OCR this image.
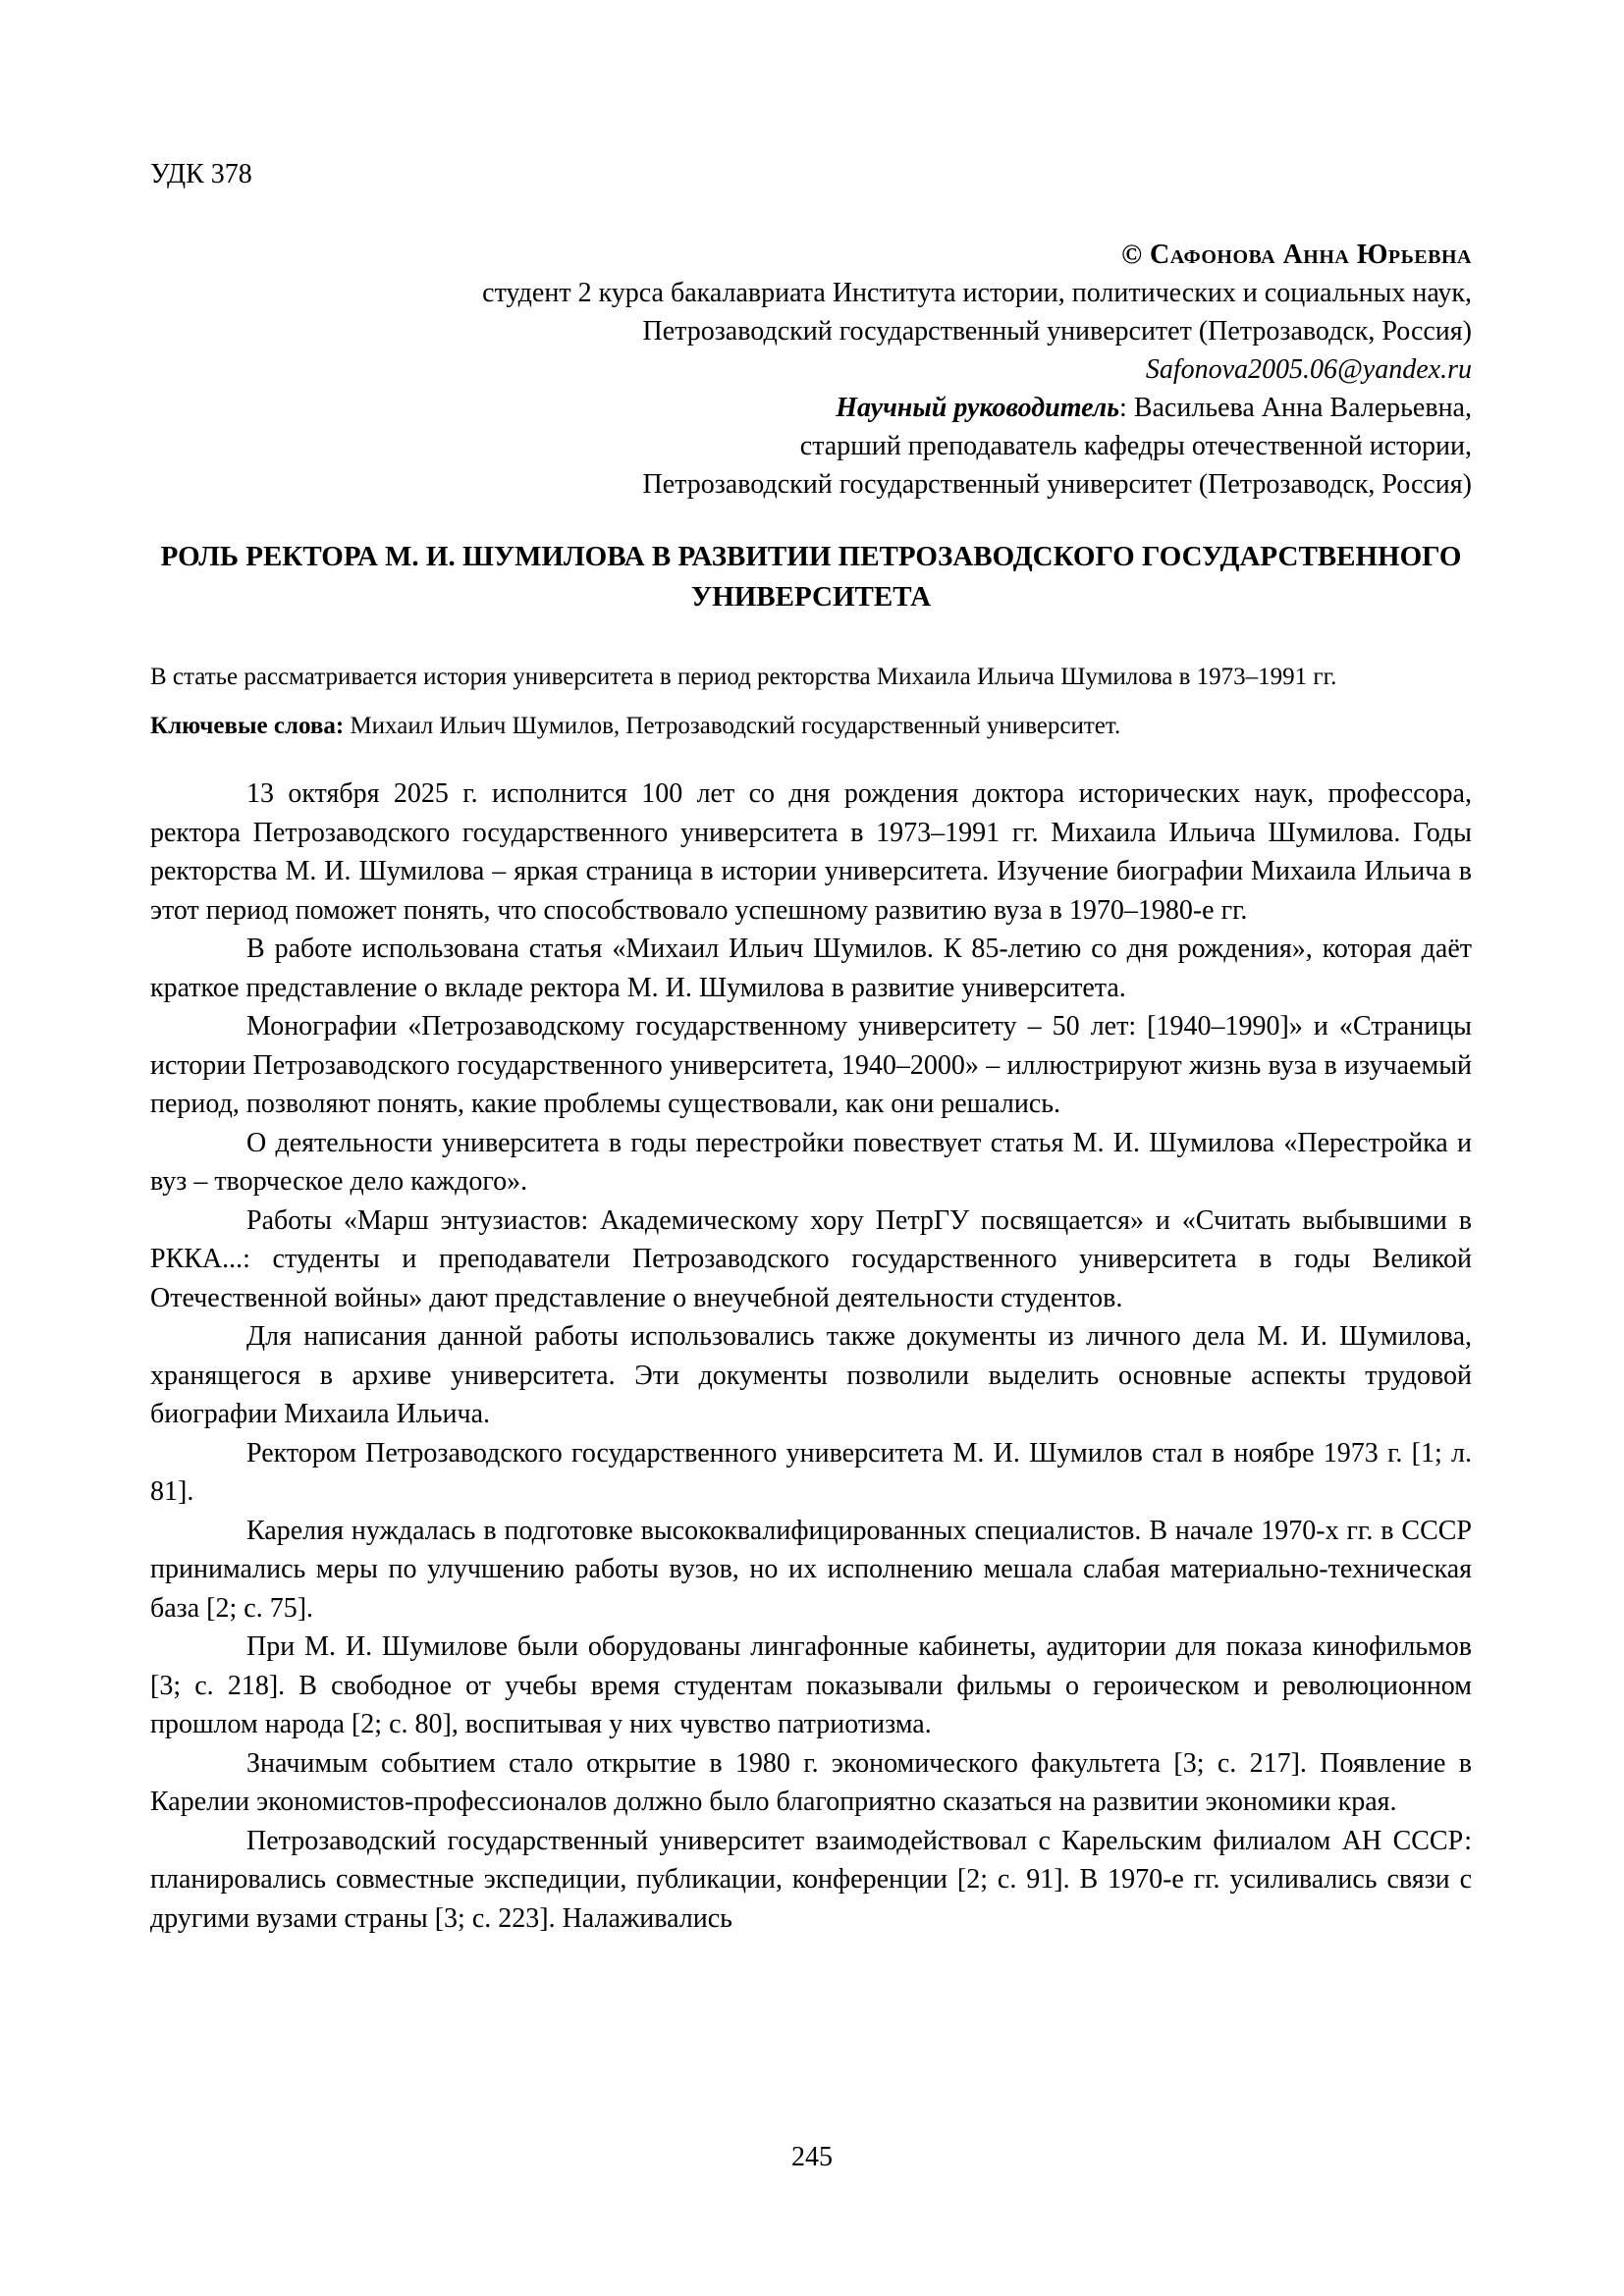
УДК 378
© Сафонова Анна Юрьевна
студент 2 курса бакалавриата Института истории, политических и социальных наук,
Петрозаводский государственный университет (Петрозаводск, Россия)
Safonova2005.06@yandex.ru
Научный руководитель: Васильева Анна Валерьевна,
старший преподаватель кафедры отечественной истории,
Петрозаводский государственный университет (Петрозаводск, Россия)
РОЛЬ РЕКТОРА М. И. ШУМИЛОВА В РАЗВИТИИ ПЕТРОЗАВОДСКОГО ГОСУДАРСТВЕННОГО УНИВЕРСИТЕТА
В статье рассматривается история университета в период ректорства Михаила Ильича Шумилова в 1973–1991 гг.
Ключевые слова: Михаил Ильич Шумилов, Петрозаводский государственный университет.

13 октября 2025 г. исполнится 100 лет со дня рождения доктора исторических наук, профессора, ректора Петрозаводского государственного университета в 1973–1991 гг. Михаила Ильича Шумилова. Годы ректорства М. И. Шумилова – яркая страница в истории университета. Изучение биографии Михаила Ильича в этот период поможет понять, что способствовало успешному развитию вуза в 1970–1980-е гг.

В работе использована статья «Михаил Ильич Шумилов. К 85-летию со дня рождения», которая даёт краткое представление о вкладе ректора М. И. Шумилова в развитие университета.

Монографии «Петрозаводскому государственному университету – 50 лет: [1940–1990]» и «Страницы истории Петрозаводского государственного университета, 1940–2000» – иллюстрируют жизнь вуза в изучаемый период, позволяют понять, какие проблемы существовали, как они решались.

О деятельности университета в годы перестройки повествует статья М. И. Шумилова «Перестройка и вуз – творческое дело каждого».

Работы «Марш энтузиастов: Академическому хору ПетрГУ посвящается» и «Считать выбывшими в РККА...: студенты и преподаватели Петрозаводского государственного университета в годы Великой Отечественной войны» дают представление о внеучебной деятельности студентов.

Для написания данной работы использовались также документы из личного дела М. И. Шумилова, хранящегося в архиве университета. Эти документы позволили выделить основные аспекты трудовой биографии Михаила Ильича.

Ректором Петрозаводского государственного университета М. И. Шумилов стал в ноябре 1973 г. [1; л. 81].

Карелия нуждалась в подготовке высококвалифицированных специалистов. В начале 1970-х гг. в СССР принимались меры по улучшению работы вузов, но их исполнению мешала слабая материально-техническая база [2; с. 75].

При М. И. Шумилове были оборудованы лингафонные кабинеты, аудитории для показа кинофильмов [3; с. 218]. В свободное от учебы время студентам показывали фильмы о героическом и революционном прошлом народа [2; с. 80], воспитывая у них чувство патриотизма.

Значимым событием стало открытие в 1980 г. экономического факультета [3; с. 217]. Появление в Карелии экономистов-профессионалов должно было благоприятно сказаться на развитии экономики края.

Петрозаводский государственный университет взаимодействовал с Карельским филиалом АН СССР: планировались совместные экспедиции, публикации, конференции [2; с. 91]. В 1970-е гг. усиливались связи с другими вузами страны [3; с. 223]. Налаживались

245
